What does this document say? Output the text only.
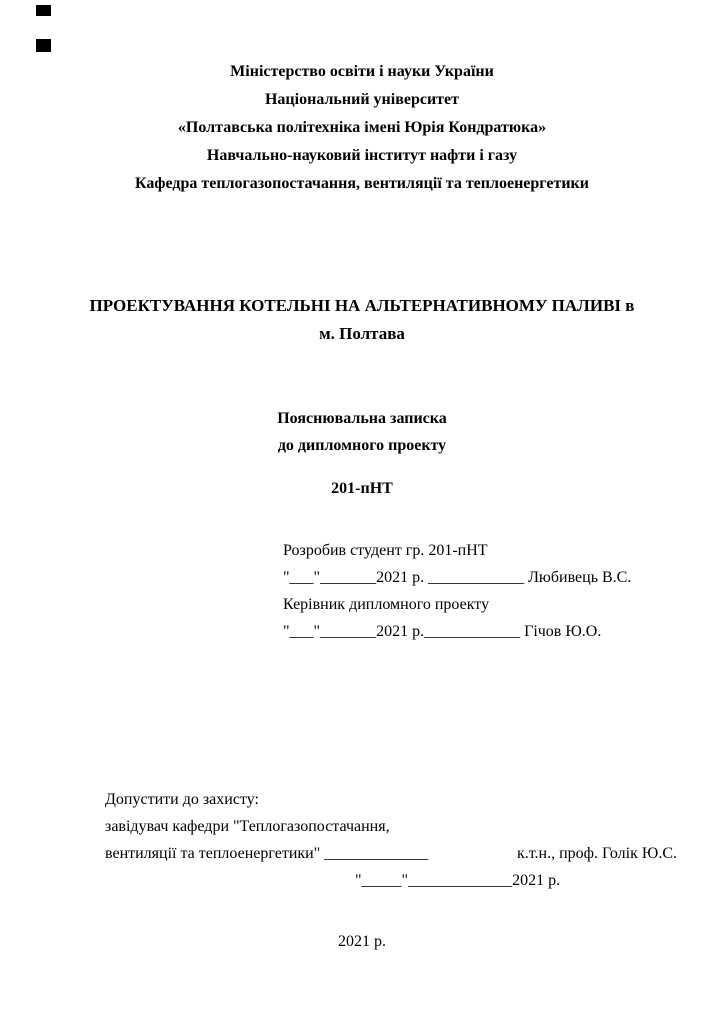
Міністерство освіти і науки України
Національний університет
«Полтавська політехніка імені Юрія Кондратюка»
Навчально-науковий інститут нафти і газу
Кафедра теплогазопостачання, вентиляції та теплоенергетики
ПРОЕКТУВАННЯ КОТЕЛЬНІ НА АЛЬТЕРНАТИВНОМУ ПАЛИВІ в
м. Полтава
Пояснювальна записка
до дипломного проекту
201-пНТ
Розробив студент гр. 201-пНТ
"___"_______2021 р. ____________ Любивець В.С.
Керівник дипломного проекту
"___"_______2021 р.____________ Гічов Ю.О.
Допустити до захисту:
завідувач кафедри "Теплогазопостачання,
вентиляції та теплоенергетики" _____________	к.т.н., проф. Голік Ю.С.
"_____"_____________2021 р.
2021 р.
